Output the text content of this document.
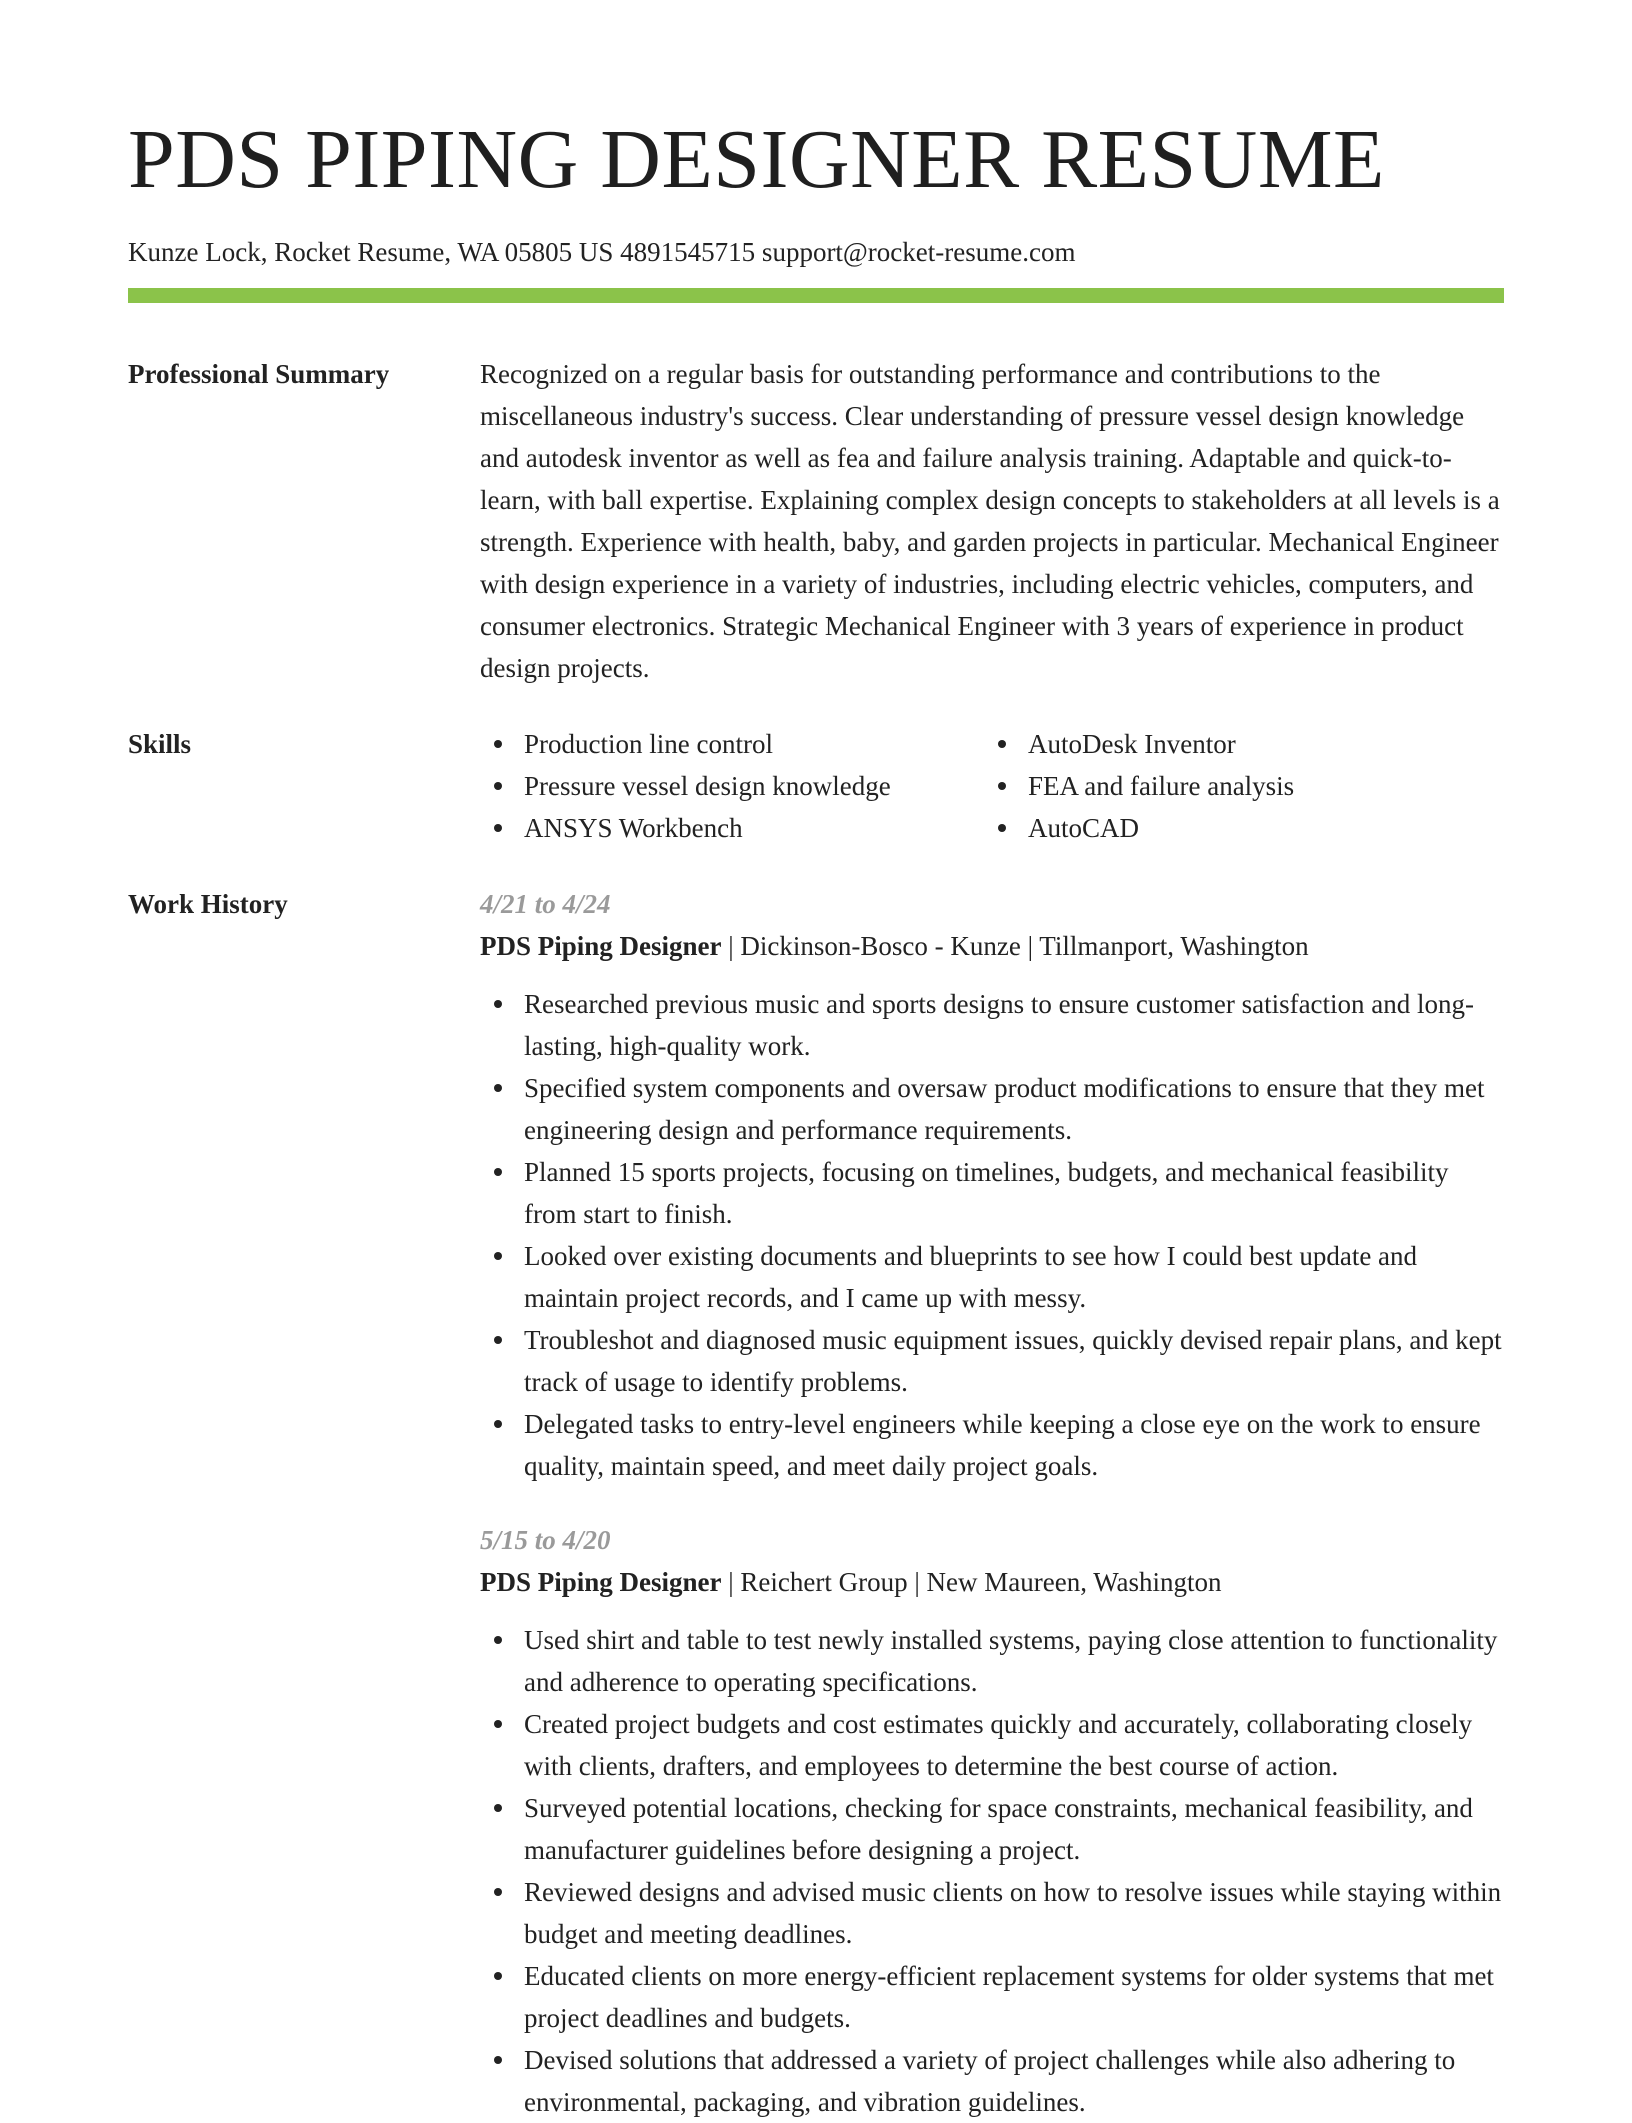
PDS PIPING DESIGNER RESUME
Kunze Lock, Rocket Resume, WA 05805 US 4891545715 support@rocket-resume.com
Professional Summary	Recognized on a regular basis for outstanding performance and contributions to the miscellaneous industry's success. Clear understanding of pressure vessel design knowledge and autodesk inventor as well as fea and failure analysis training. Adaptable and quick-to-learn, with ball expertise. Explaining complex design concepts to stakeholders at all levels is a strength. Experience with health, baby, and garden projects in particular. Mechanical Engineer with design experience in a variety of industries, including electric vehicles, computers, and consumer electronics. Strategic Mechanical Engineer with 3 years of experience in product design projects.

Skills	Production line control
Pressure vessel design knowledge
ANSYS Workbench
AutoDesk Inventor
FEA and failure analysis
AutoCAD
Work History	4/21 to 4/24
PDS Piping Designer | Dickinson-Bosco - Kunze | Tillmanport, Washington
Researched previous music and sports designs to ensure customer satisfaction and long-lasting, high-quality work.
Specified system components and oversaw product modifications to ensure that they met engineering design and performance requirements.
Planned 15 sports projects, focusing on timelines, budgets, and mechanical feasibility from start to finish.
Looked over existing documents and blueprints to see how I could best update and maintain project records, and I came up with messy.
Troubleshot and diagnosed music equipment issues, quickly devised repair plans, and kept track of usage to identify problems.
Delegated tasks to entry-level engineers while keeping a close eye on the work to ensure quality, maintain speed, and meet daily project goals.
5/15 to 4/20
PDS Piping Designer | Reichert Group | New Maureen, Washington
Used shirt and table to test newly installed systems, paying close attention to functionality and adherence to operating specifications.
Created project budgets and cost estimates quickly and accurately, collaborating closely with clients, drafters, and employees to determine the best course of action.
Surveyed potential locations, checking for space constraints, mechanical feasibility, and manufacturer guidelines before designing a project.
Reviewed designs and advised music clients on how to resolve issues while staying within budget and meeting deadlines.
Educated clients on more energy-efficient replacement systems for older systems that met project deadlines and budgets.
Devised solutions that addressed a variety of project challenges while also adhering to environmental, packaging, and vibration guidelines.
